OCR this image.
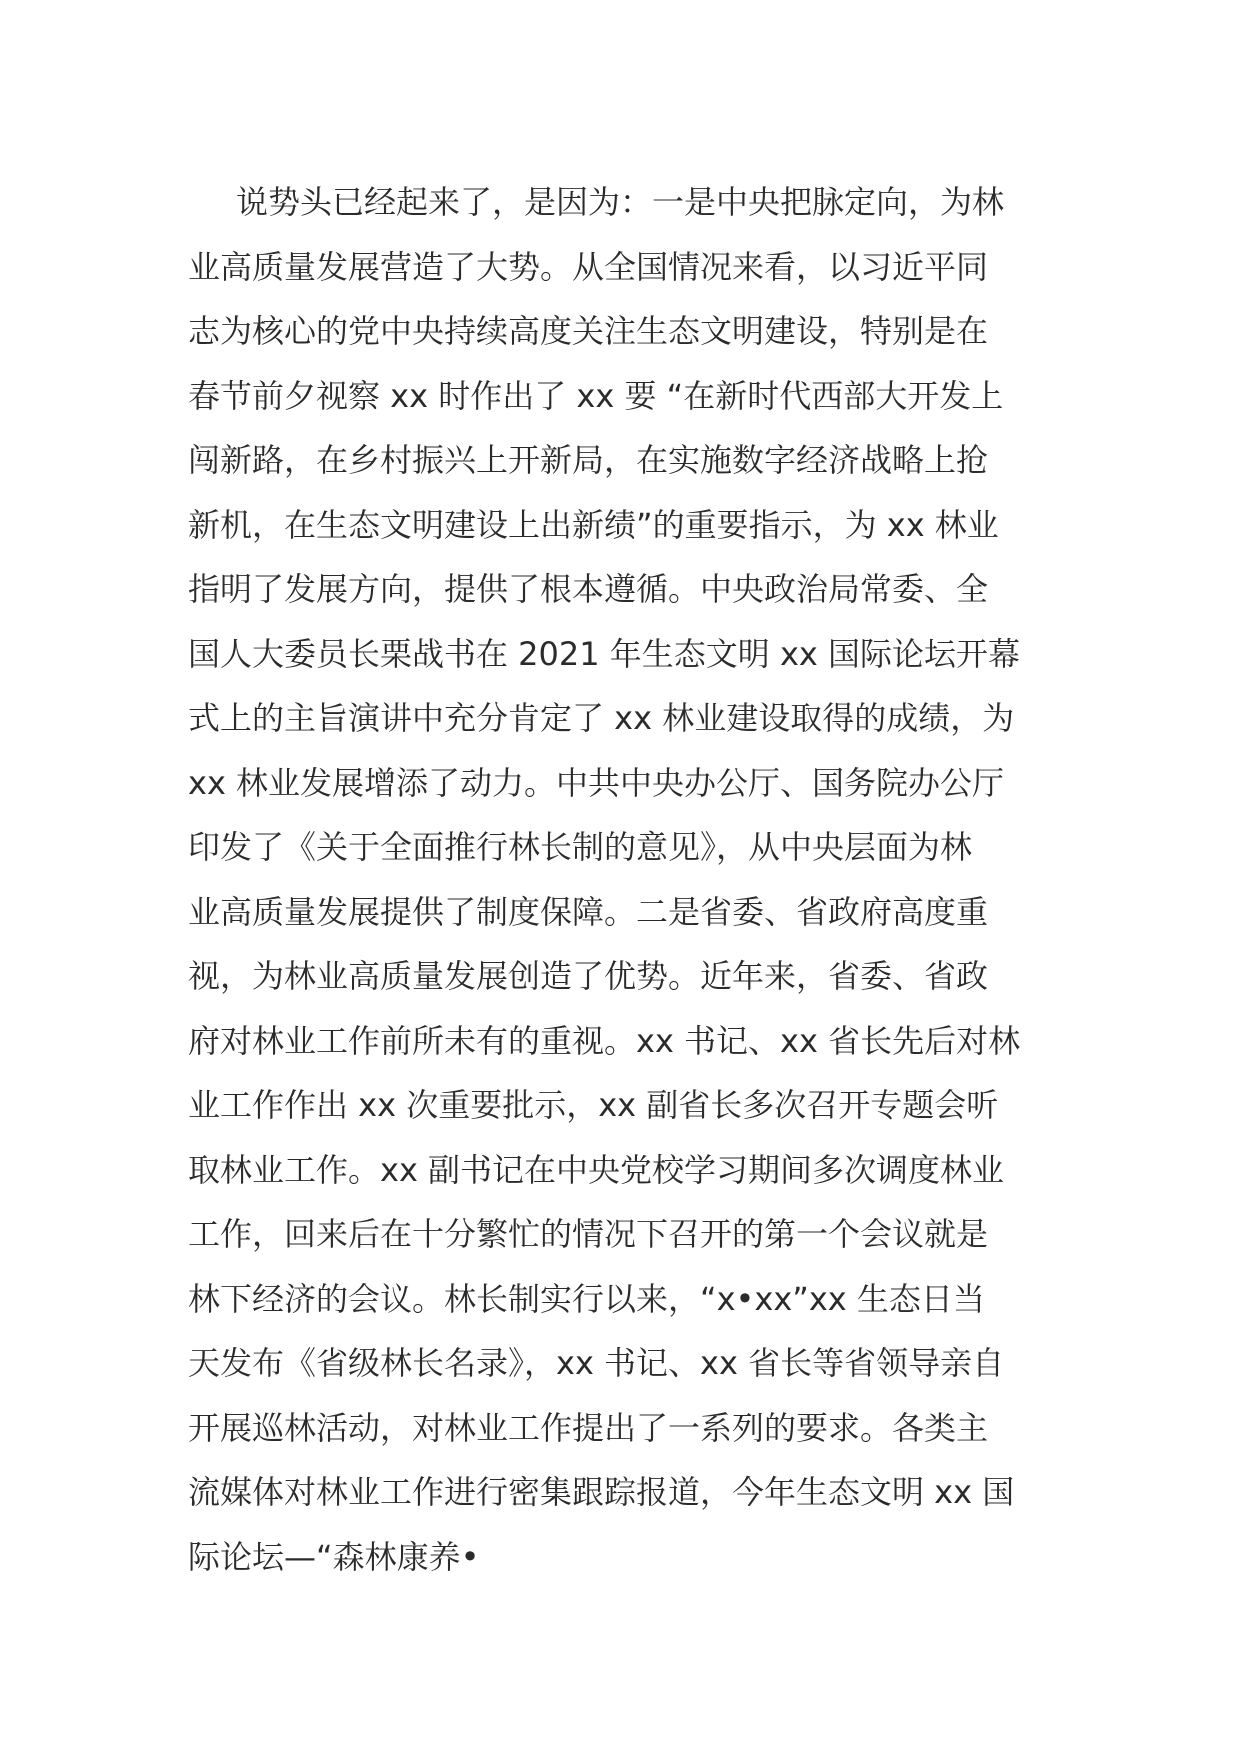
说势头已经起来了，是因为：一是中央把脉定向，为林
业高质量发展营造了大势。从全国情况来看，以习近平同
志为核心的党中央持续高度关注生态文明建设，特别是在
春节前夕视察 xx 时作出了 xx 要 “在新时代西部大开发上
闯新路，在乡村振兴上开新局，在实施数字经济战略上抢
新机，在生态文明建设上出新绩”的重要指示，为 xx 林业
指明了发展方向，提供了根本遵循。中央政治局常委、全
国人大委员长栗战书在 2021 年生态文明 xx 国际论坛开幕
式上的主旨演讲中充分肯定了 xx 林业建设取得的成绩，为
xx 林业发展增添了动力。中共中央办公厅、国务院办公厅
印发了《关于全面推行林长制的意见》，从中央层面为林
业高质量发展提供了制度保障。二是省委、省政府高度重
视，为林业高质量发展创造了优势。近年来，省委、省政
府对林业工作前所未有的重视。xx 书记、xx 省长先后对林
业工作作出 xx 次重要批示，xx 副省长多次召开专题会听
取林业工作。xx 副书记在中央党校学习期间多次调度林业
工作，回来后在十分繁忙的情况下召开的第一个会议就是
林下经济的会议。林长制实行以来，“x•xx”xx 生态日当
天发布《省级林长名录》，xx 书记、xx 省长等省领导亲自
开展巡林活动，对林业工作提出了一系列的要求。各类主
流媒体对林业工作进行密集跟踪报道，今年生态文明 xx 国
际论坛—“森林康养•
